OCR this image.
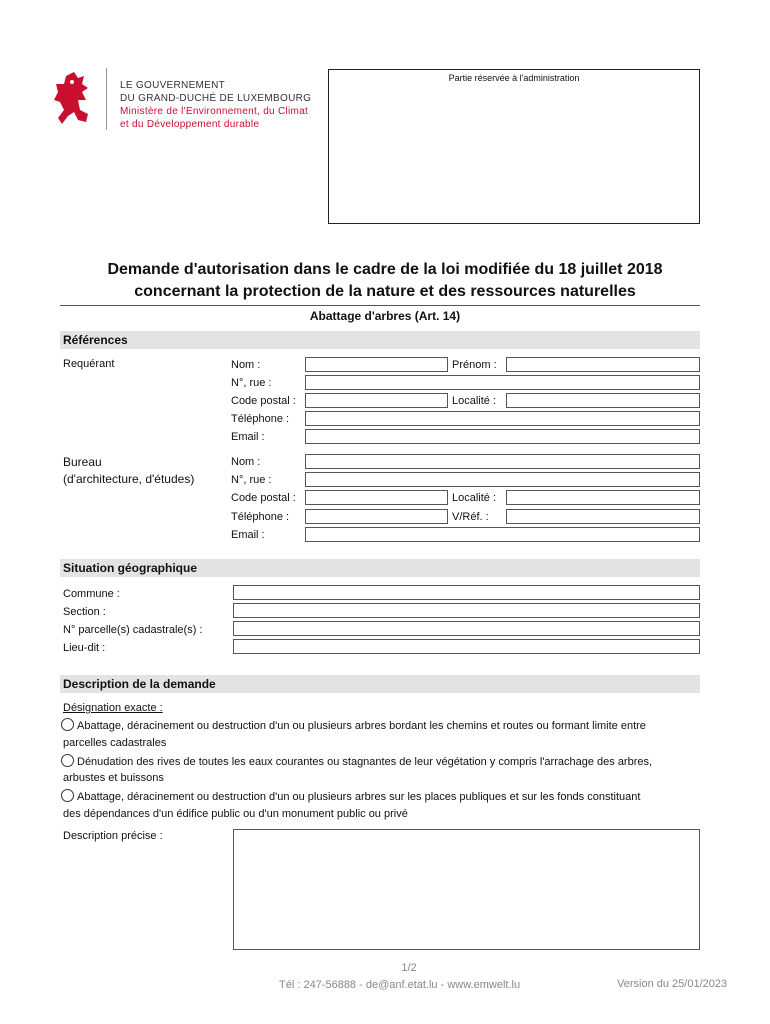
LE GOUVERNEMENT
DU GRAND-DUCHÉ DE LUXEMBOURG
Ministère de l'Environnement, du Climat
et du Développement durable
Partie réservée à l'administration
Demande d'autorisation dans le cadre de la loi modifiée du 18 juillet 2018
concernant la protection de la nature et des ressources naturelles
Abattage d'arbres (Art. 14)
Références
Requérant	Nom :	Prénom :
N°, rue :
Code postal :	Localité :
Téléphone :
Email :
Bureau
(d'architecture, d'études)
Nom :
N°, rue :
Code postal :	Localité :
Téléphone :	V/Réf. :
Email :
Situation géographique
Commune :
Section :
N° parcelle(s) cadastrale(s) :
Lieu-dit :
Description de la demande
Désignation exacte :
Abattage, déracinement ou destruction d'un ou plusieurs arbres bordant les chemins et routes ou formant limite entre
parcelles cadastrales
Dénudation des rives de toutes les eaux courantes ou stagnantes de leur végétation y compris l'arrachage des arbres,
arbustes et buissons
Abattage, déracinement ou destruction d'un ou plusieurs arbres sur les places publiques et sur les fonds constituant
des dépendances d'un édifice public ou d'un monument public ou privé
Description précise :
1/2
Tél : 247-56888 - de@anf.etat.lu - www.emwelt.lu	Version du 25/01/2023
